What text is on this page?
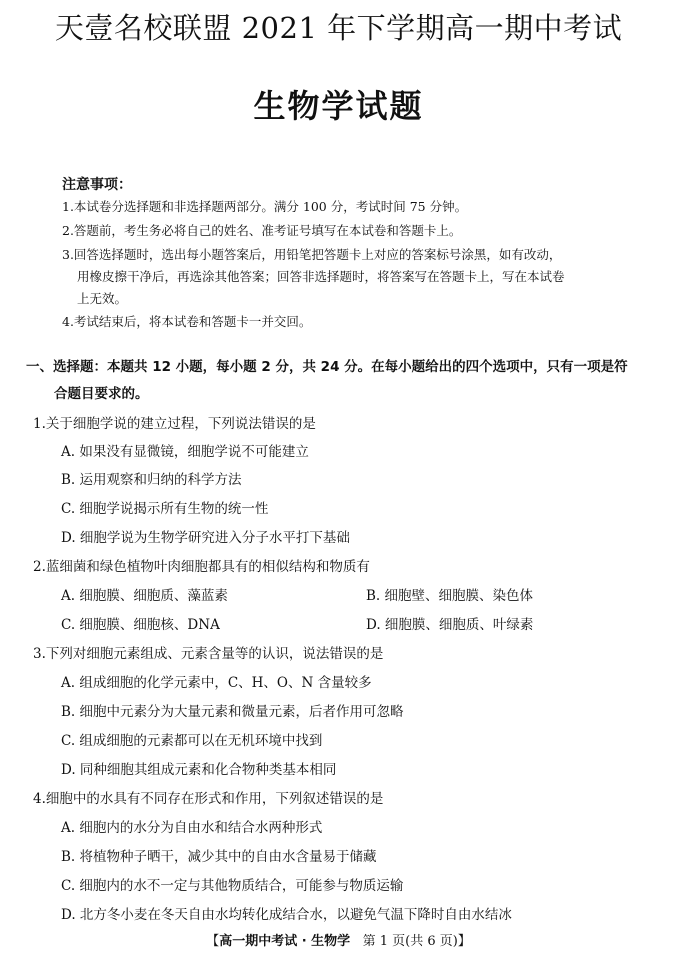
天壹名校联盟 2021 年下学期高一期中考试
生物学试题
注意事项：
1.本试卷分选择题和非选择题两部分。满分 100 分，考试时间 75 分钟。
2.答题前，考生务必将自己的姓名、准考证号填写在本试卷和答题卡上。
3.回答选择题时，选出每小题答案后，用铅笔把答题卡上对应的答案标号涂黑，如有改动，
用橡皮擦干净后，再选涂其他答案；回答非选择题时，将答案写在答题卡上，写在本试卷
上无效。
4.考试结束后，将本试卷和答题卡一并交回。
一、选择题：本题共 12 小题，每小题 2 分，共 24 分。在每小题给出的四个选项中，只有一项是符
合题目要求的。
1.关于细胞学说的建立过程，下列说法错误的是
A. 如果没有显微镜，细胞学说不可能建立
B. 运用观察和归纳的科学方法
C. 细胞学说揭示所有生物的统一性
D. 细胞学说为生物学研究进入分子水平打下基础
2.蓝细菌和绿色植物叶肉细胞都具有的相似结构和物质有
A. 细胞膜、细胞质、藻蓝素	B. 细胞壁、细胞膜、染色体
C. 细胞膜、细胞核、DNA	D. 细胞膜、细胞质、叶绿素
3.下列对细胞元素组成、元素含量等的认识，说法错误的是
A. 组成细胞的化学元素中，C、H、O、N 含量较多
B. 细胞中元素分为大量元素和微量元素，后者作用可忽略
C. 组成细胞的元素都可以在无机环境中找到
D. 同种细胞其组成元素和化合物种类基本相同
4.细胞中的水具有不同存在形式和作用，下列叙述错误的是
A. 细胞内的水分为自由水和结合水两种形式
B. 将植物种子晒干，减少其中的自由水含量易于储藏
C. 细胞内的水不一定与其他物质结合，可能参与物质运输
D. 北方冬小麦在冬天自由水均转化成结合水，以避免气温下降时自由水结冰
【高一期中考试 · 生物学 第 1 页(共 6 页)】
